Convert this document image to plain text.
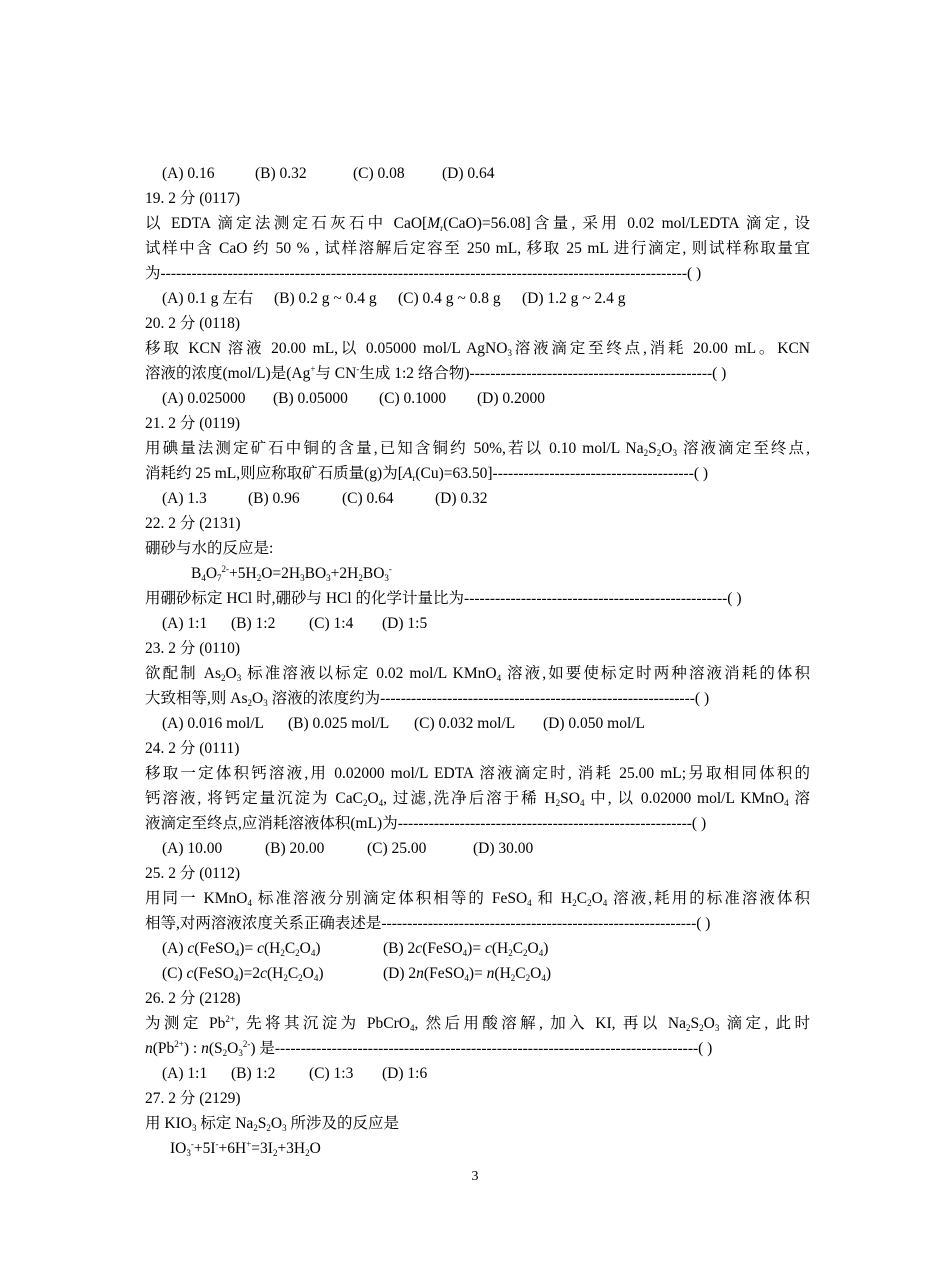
(A) 0.16	(B) 0.32	(C) 0.08 (D) 0.64
19. 2 分 (0117)
以 EDTA 滴定法测定石灰石中 $CaO[M_r(CaO)=56.08]$含量, 采用 0.02 mol/LEDTA 滴定, 设
试样中含 CaO 约 50 % , 试样溶解后定容至 250 mL, 移取 25 mL 进行滴定, 则试样称取量宜
为------------------------------------------------------------------------------------------------------( )
(A) 0.1 g 左右 (B) 0.2 g ~ 0.4 g (C) 0.4 g ~ 0.8 g (D) 1.2 g ~ 2.4 g
20. 2 分 (0118)
移取 KCN 溶液 20.00 mL,以 0.05000 mol/L AgNO$_3$溶液滴定至终点,消耗 20.00 mL。KCN
溶液的浓度(mol/L)是(Ag+与 CN-生成 1:2 络合物)-----------------------------------------------( )
(A) 0.025000 (B) 0.05000 (C) 0.1000 (D) 0.2000
21. 2 分 (0119)
用碘量法测定矿石中铜的含量,已知含铜约 50%,若以 0.10 mol/L $Na_2S_2O_3$ 溶液滴定至终点,
消耗约 25 mL,则应称取矿石质量(g)为$[A_r(Cu)=63.50]---------------------------------------$( )
(A) 1.3	(B) 0.96	(C) 0.64	(D) 0.32
22. 2 分 (2131)
硼砂与水的反应是:
$B_4O_7^{2-}+5H_2O=2H_3BO_3+2H_2BO_3^-$
用硼砂标定 HCl 时,硼砂与 HCl 的化学计量比为---------------------------------------------------( )
(A) 1:1 (B) 1:2 (C) 1:4 (D) 1:5
23. 2 分 (0110)
欲配制 $As_2O_3$ 标准溶液以标定 0.02 mol/L KMnO$_4$ 溶液,如要使标定时两种溶液消耗的体积
大致相等,则 $As_2O_3$ 溶液的浓度约为-------------------------------------------------------------( )
(A) 0.016 mol/L (B) 0.025 mol/L (C) 0.032 mol/L (D) 0.050 mol/L
24. 2 分 (0111)
移取一定体积钙溶液,用 0.02000 mol/L EDTA 溶液滴定时, 消耗 25.00 mL;另取相同体积的
钙溶液, 将钙定量沉淀为 $CaC_2O_4$, 过滤,洗净后溶于稀 $H_2SO_4$ 中, 以 0.02000 mol/L KMnO$_4$ 溶
液滴定至终点,应消耗溶液体积(mL)为---------------------------------------------------------( )
(A) 10.00	(B) 20.00	(C) 25.00	(D) 30.00
25. 2 分 (0112)
用同一 KMnO$_4$ 标准溶液分别滴定体积相等的 FeSO$_4$ 和 $H_2C_2O_4$ 溶液,耗用的标准溶液体积
相等,对两溶液浓度关系正确表述是-------------------------------------------------------------( )
(A) c(FeSO$_4$)= $c(H_2C_2O_4)$	(B) 2c(FeSO$_4$)= $c(H_2C_2O_4)$
(C) $c(FeSO_4)=2c(H_2C_2O_4)$	(D) 2n(FeSO$_4$)= $n(H_2C_2O_4)$
26. 2 分 (2128)
为测定 $Pb^{2+}$, 先将其沉淀为 PbCrO$_4$, 然后用酸溶解, 加入 KI, 再以 $Na_2S_2O_3$ 滴定, 此时
$n(Pb^{2+})$ : $n(S_2O_3^{2-})$ 是----------------------------------------------------------------------------------( )
(A) 1:1 (B) 1:2 (C) 1:3 (D) 1:6
27. 2 分 (2129)
用 $KIO_3$ 标定 $Na_2S_2O_3$ 所涉及的反应是
$IO_3^-+5I^-+6H^+=3I_2+3H_2O$
3
